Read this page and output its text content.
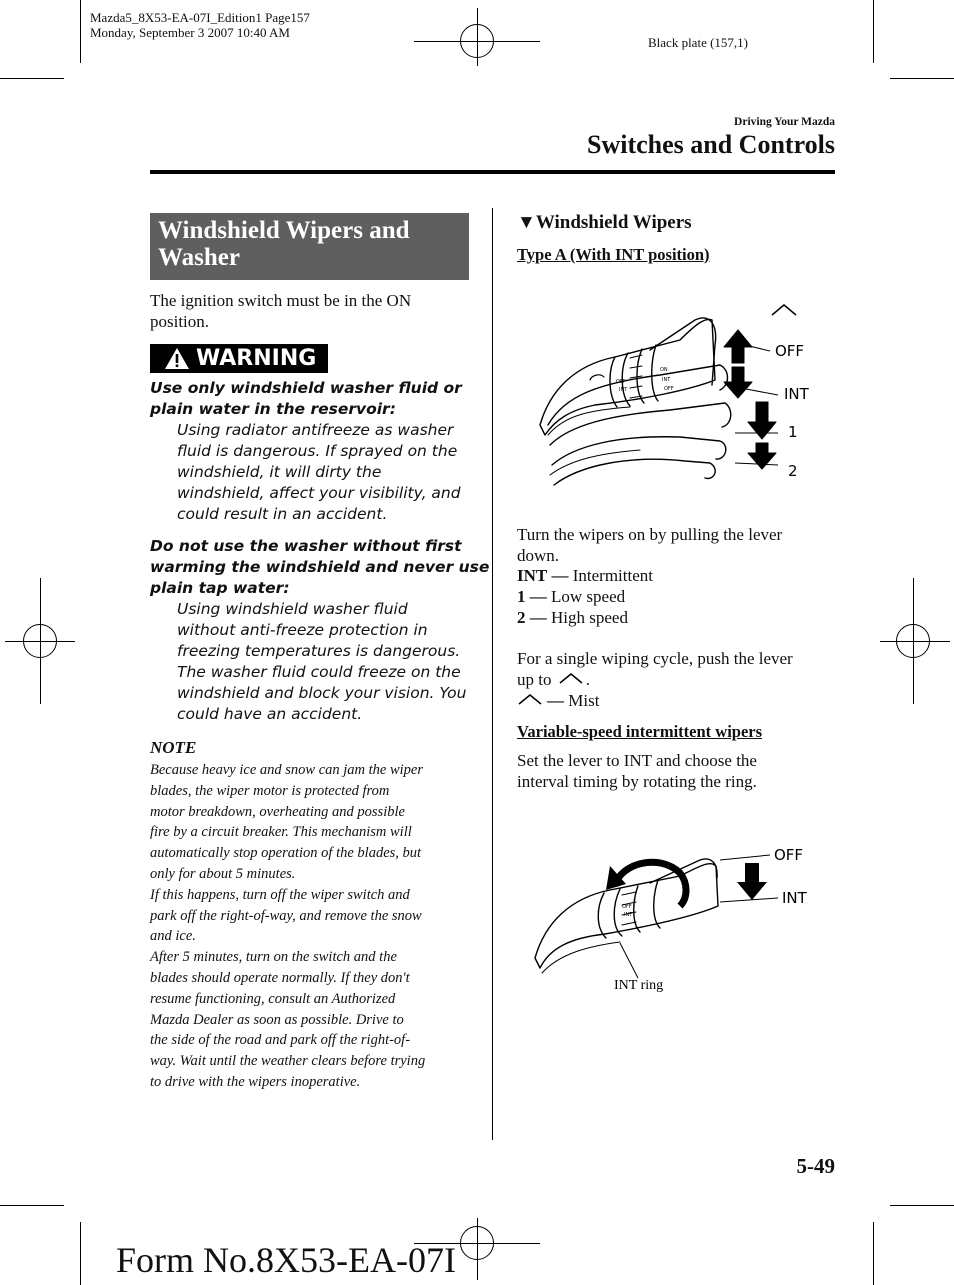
Mazda5_8X53-EA-07I_Edition1 Page157
Monday, September 3 2007 10:40 AM
Black plate (157,1)
Driving Your Mazda
Switches and Controls
Windshield Wipers and
Washer
The ignition switch must be in the ON
position.
WARNING
Use only windshield washer fluid or
plain water in the reservoir:
Using radiator antifreeze as washer
fluid is dangerous. If sprayed on the
windshield, it will dirty the
windshield, affect your visibility, and
could result in an accident.
Do not use the washer without first
warming the windshield and never use
plain tap water:
Using windshield washer fluid
without anti-freeze protection in
freezing temperatures is dangerous.
The washer fluid could freeze on the
windshield and block your vision. You
could have an accident.
NOTE
Because heavy ice and snow can jam the wiper
blades, the wiper motor is protected from
motor breakdown, overheating and possible
fire by a circuit breaker. This mechanism will
automatically stop operation of the blades, but
only for about 5 minutes.
If this happens, turn off the wiper switch and
park off the right-of-way, and remove the snow
and ice.
After 5 minutes, turn on the switch and the
blades should operate normally. If they don't
resume functioning, consult an Authorized
Mazda Dealer as soon as possible. Drive to
the side of the road and park off the right-of-
way. Wait until the weather clears before trying
to drive with the wipers inoperative.
▼Windshield Wipers
Type A (With INT position)
OFF
INT
ON
INT
OFF
OFF
INT
1
2
Turn the wipers on by pulling the lever
down.
INT — Intermittent
1 — Low speed
2 — High speed
For a single wiping cycle, push the lever
up to .
— Mist
Variable-speed intermittent wipers
Set the lever to INT and choose the
interval timing by rotating the ring.
OFF
INT
OFF
INT
INT ring
5-49
Form No.8X53-EA-07I
